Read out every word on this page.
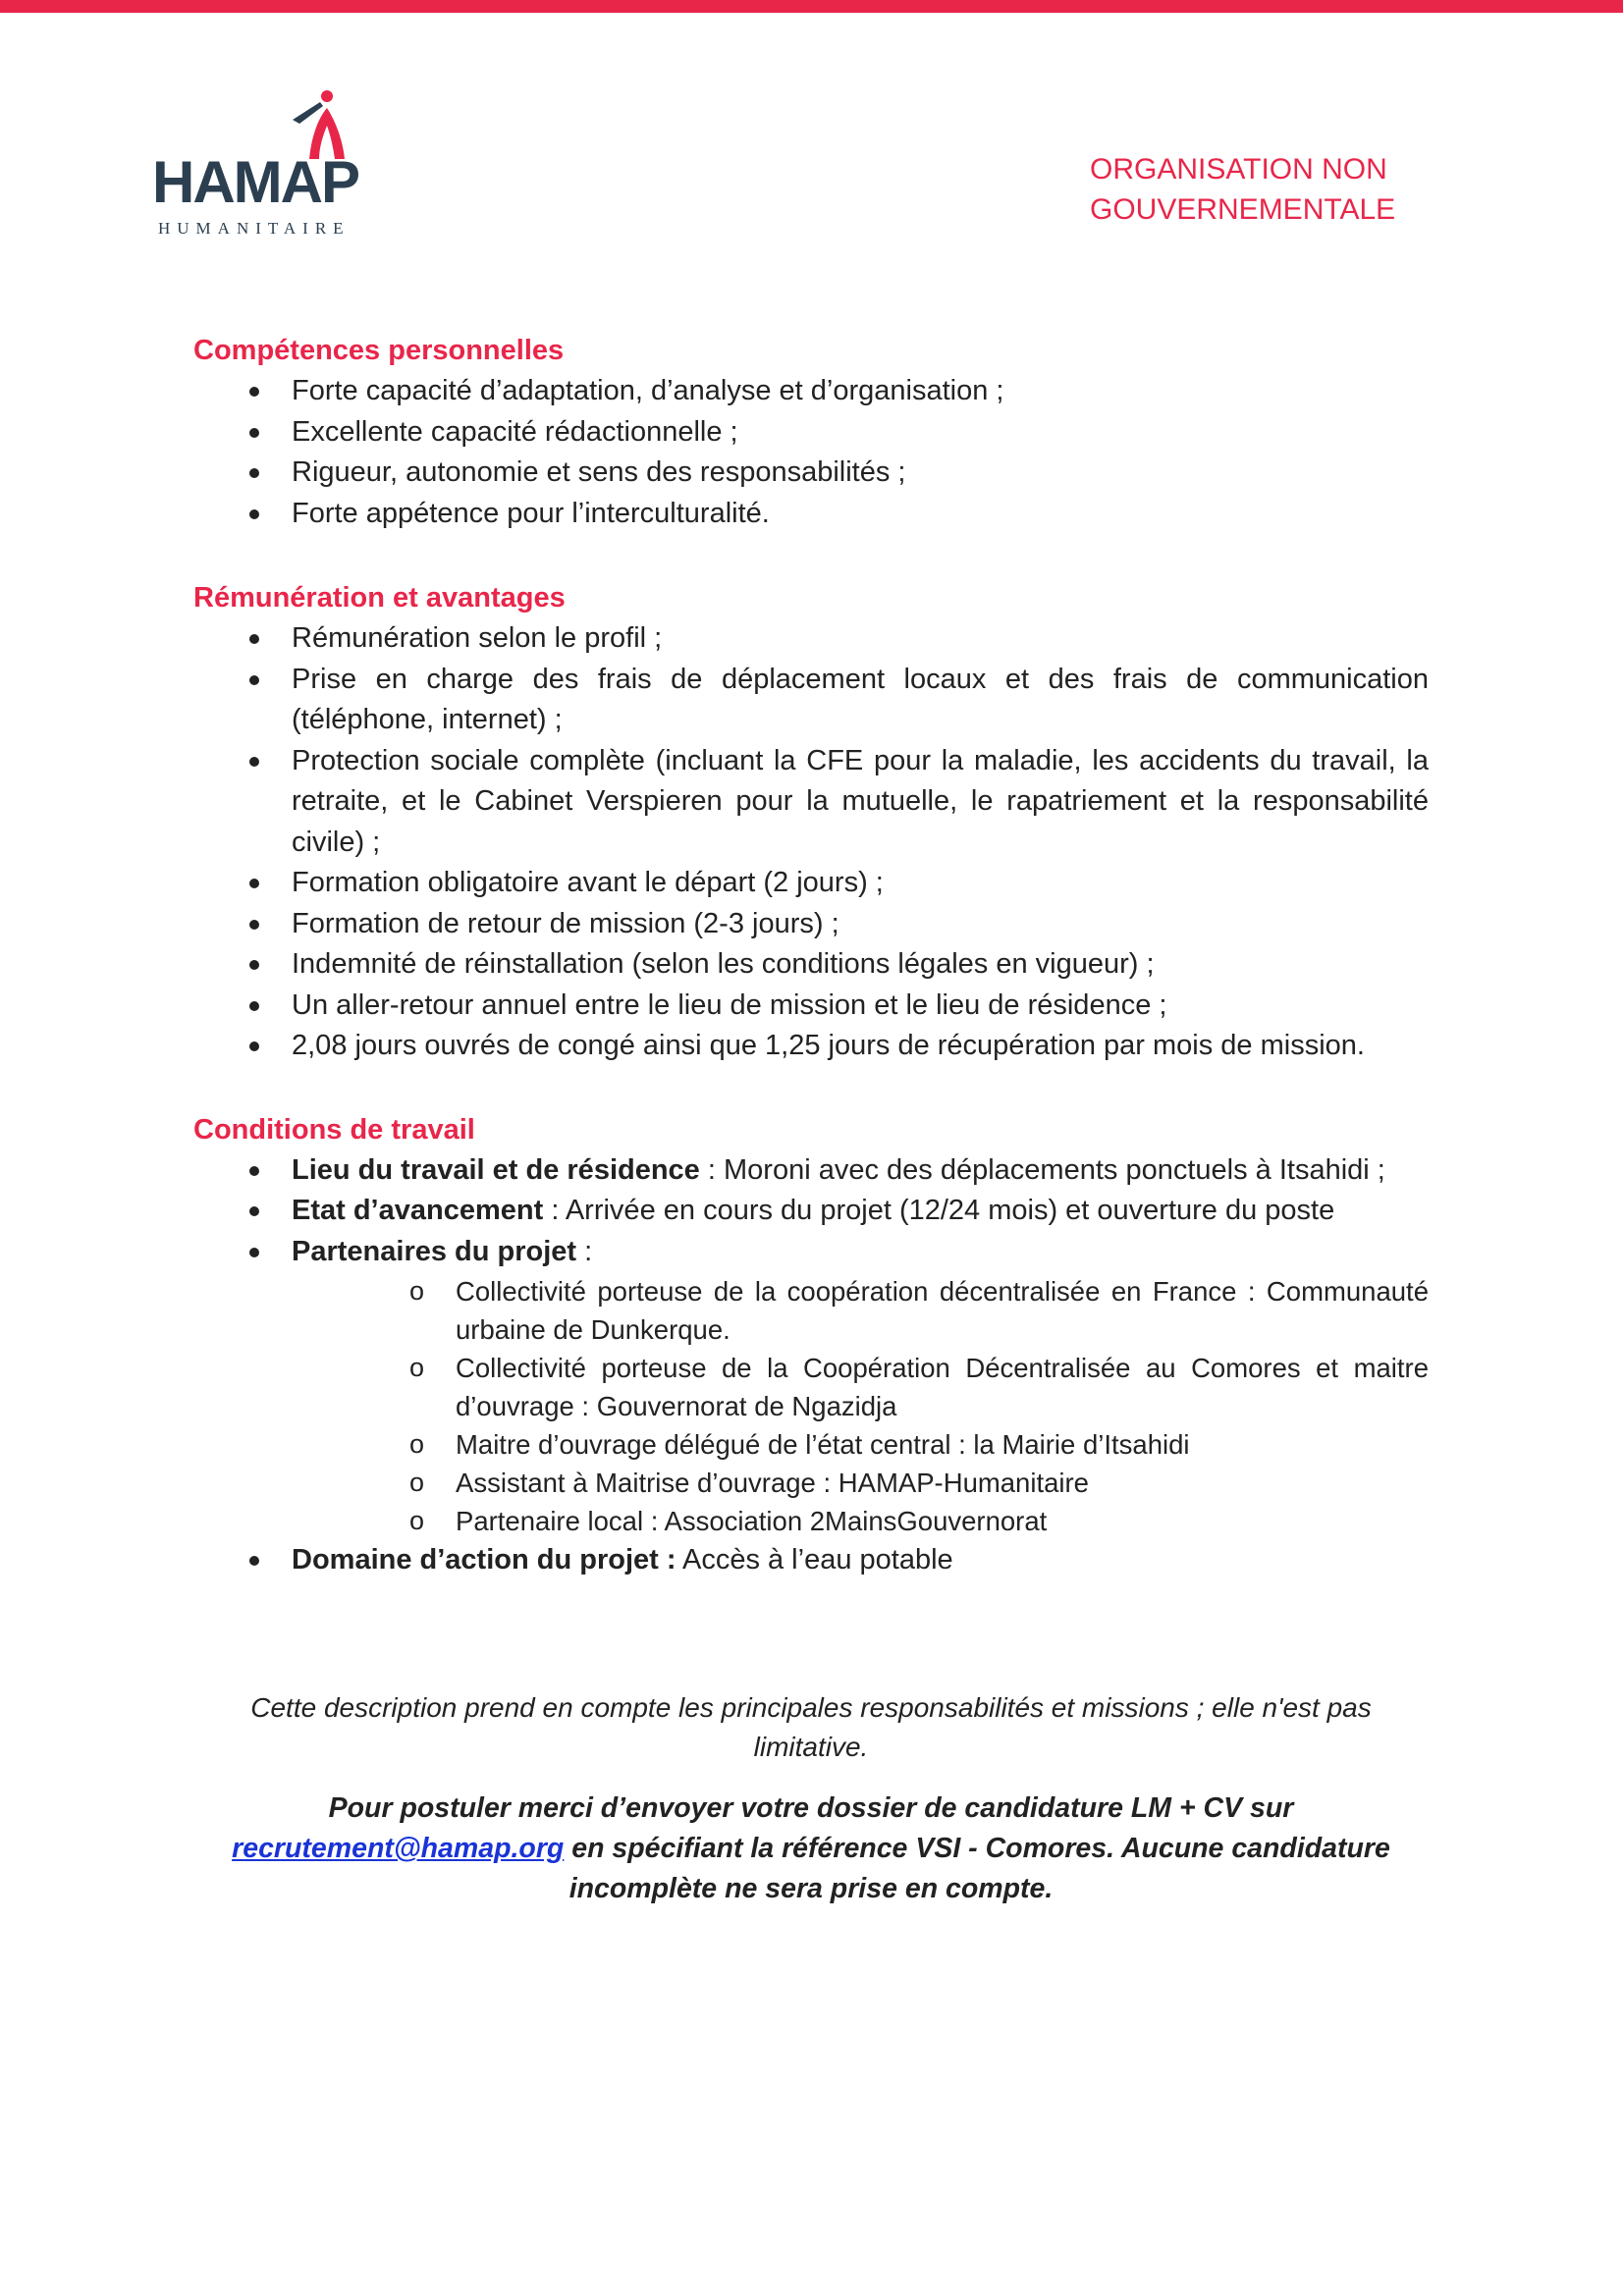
HAMAP
HUMANITAIRE
ORGANISATION NON
GOUVERNEMENTALE
Compétences personnelles
Forte capacité d’adaptation, d’analyse et d’organisation ;
Excellente capacité rédactionnelle ;
Rigueur, autonomie et sens des responsabilités ;
Forte appétence pour l’interculturalité.
Rémunération et avantages
Rémunération selon le profil ;
Prise en charge des frais de déplacement locaux et des frais de communication (téléphone, internet) ;
Protection sociale complète (incluant la CFE pour la maladie, les accidents du travail, la retraite, et le Cabinet Verspieren pour la mutuelle, le rapatriement et la responsabilité civile) ;
Formation obligatoire avant le départ (2 jours) ;
Formation de retour de mission (2-3 jours) ;
Indemnité de réinstallation (selon les conditions légales en vigueur) ;
Un aller-retour annuel entre le lieu de mission et le lieu de résidence ;
2,08 jours ouvrés de congé ainsi que 1,25 jours de récupération par mois de mission.
Conditions de travail
Lieu du travail et de résidence : Moroni avec des déplacements ponctuels à Itsahidi ;
Etat d’avancement : Arrivée en cours du projet (12/24 mois) et ouverture du poste
Partenaires du projet :
o Collectivité porteuse de la coopération décentralisée en France : Communauté urbaine de Dunkerque.
o Collectivité porteuse de la Coopération Décentralisée au Comores et maitre d’ouvrage : Gouvernorat de Ngazidja
o Maitre d’ouvrage délégué de l’état central : la Mairie d’Itsahidi
o Assistant à Maitrise d’ouvrage : HAMAP-Humanitaire
o Partenaire local : Association 2MainsGouvernorat
Domaine d’action du projet : Accès à l’eau potable

Cette description prend en compte les principales responsabilités et missions ; elle n'est pas limitative.

Pour postuler merci d’envoyer votre dossier de candidature LM + CV sur
recrutement@hamap.org en spécifiant la référence VSI - Comores. Aucune candidature incomplète ne sera prise en compte.
